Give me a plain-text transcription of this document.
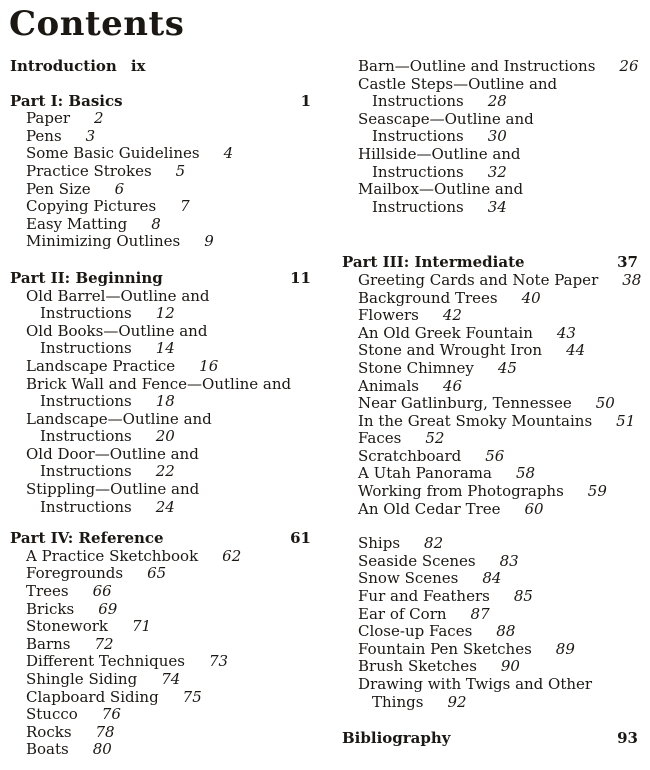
Contents
Introduction ix
Part I: Basics	1
Paper 2
Pens 3
Some Basic Guidelines 4
Practice Strokes 5
Pen Size 6
Copying Pictures 7
Easy Matting 8
Minimizing Outlines 9
Part II: Beginning	11
Old Barrel—Outline and
Instructions 12
Old Books—Outline and
Instructions 14
Landscape Practice 16
Brick Wall and Fence—Outline and
Instructions 18
Landscape—Outline and
Instructions 20
Old Door—Outline and
Instructions 22
Stippling—Outline and
Instructions 24
Part IV: Reference	61
A Practice Sketchbook 62
Foregrounds 65
Trees 66
Bricks 69
Stonework 71
Barns 72
Different Techniques 73
Shingle Siding 74
Clapboard Siding 75
Stucco 76
Rocks 78
Boats 80
Barn—Outline and Instructions 26
Castle Steps—Outline and
Instructions 28
Seascape—Outline and
Instructions 30
Hillside—Outline and
Instructions 32
Mailbox—Outline and
Instructions 34
Part III: Intermediate	37
Greeting Cards and Note Paper 38
Background Trees 40
Flowers 42
An Old Greek Fountain 43
Stone and Wrought Iron 44
Stone Chimney 45
Animals 46
Near Gatlinburg, Tennessee 50
In the Great Smoky Mountains 51
Faces 52
Scratchboard 56
A Utah Panorama 58
Working from Photographs 59
An Old Cedar Tree 60
Ships 82
Seaside Scenes 83
Snow Scenes 84
Fur and Feathers 85
Ear of Corn 87
Close-up Faces 88
Fountain Pen Sketches 89
Brush Sketches 90
Drawing with Twigs and Other
Things 92
Bibliography	93
